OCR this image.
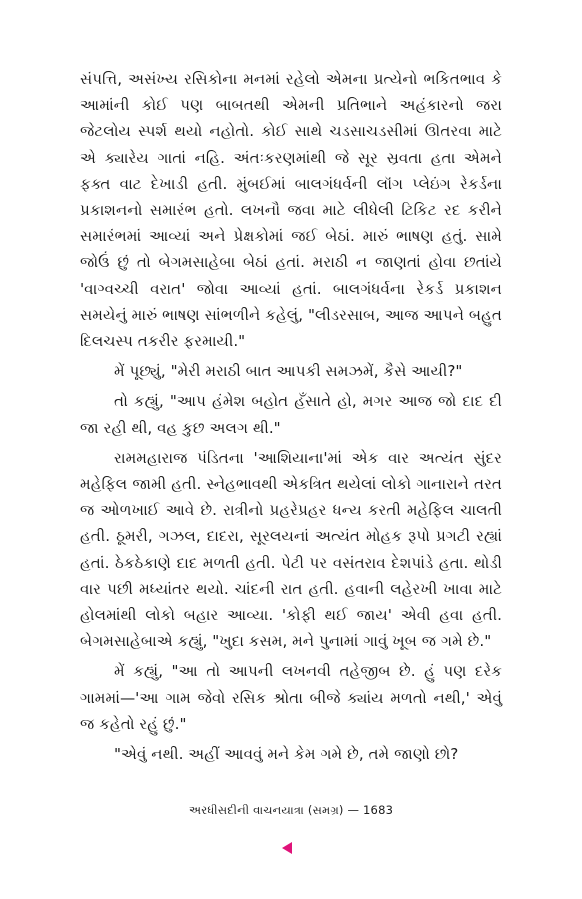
સંપત્તિ, અસંખ્ય રસિકોના મનમાં રહેલો એમના પ્રત્યેનો ભકિતભાવ કે આમાંની કોઈ પણ બાબતથી એમની પ્રતિભાને અહંકારનો જરા જેટલોય સ્પર્શ થયો નહોતો. કોઈ સાથે ચડસાચડસીમાં ઊતરવા માટે એ ક્યારેય ગાતાં નહિ. અંતઃકરણમાંથી જે સૂર સ્રવતા હતા એમને ફક્ત વાટ દેખાડી હતી. મુંબઈમાં બાલગંધર્વની લૉંગ પ્લેઇંગ રેકર્ડના પ્રકાશનનો સમારંભ હતો. લખનૌ જવા માટે લીધેલી ટિકિટ રદ કરીને સમારંભમાં આવ્યાં અને પ્રેક્ષકોમાં જઈ બેઠાં. મારું ભાષણ હતું. સામે જોઉં છું તો બેગમસાહેબા બેઠાં હતાં. મરાઠી ન જાણતાં હોવા છતાંયે 'વાગ્વચ્ચી વરાત' જોવા આવ્યાં હતાં. બાલગંધર્વના રેકર્ડ પ્રકાશન સમયેનું મારું ભાષણ સાંભળીને કહેલું, "લીડરસાબ, આજ આપને બહુત દિલચસ્પ તકરીર ફરમાયી."

મેં પૂછ્યું, "મેરી મરાઠી બાત આપકી સમઝમેં, કૈસે આયી?"

તો કહ્યું, "આપ હંમેશ બહોત હઁસાતે હો, મગર આજ જો દાદ દી જા રહી થી, વહ કુછ અલગ થી."

રામમહારાજ પંડિતના 'આશિયાના'માં એક વાર અત્યંત સુંદર મહેફિલ જામી હતી. સ્નેહભાવથી એકત્રિત થયેલાં લોકો ગાનારાને તરત જ ઓળખાઈ આવે છે. રાત્રીનો પ્રહરેપ્રહર ધન્ય કરતી મહેફિલ ચાલતી હતી. ઠૂમરી, ગઝલ, દાદરા, સૂરલયનાં અત્યંત મોહક રૂપો પ્રગટી રહ્યાં હતાં. ઠેકઠેકાણે દાદ મળતી હતી. પેટી પર વસંતરાવ દેશપાંડે હતા. થોડી વાર પછી મધ્યાંતર થયો. ચાંદની રાત હતી. હવાની લહેરખી ખાવા માટે હોલમાંથી લોકો બહાર આવ્યા. 'કોફી થઈ જાય' એવી હવા હતી. બેગમસાહેબાએ કહ્યું, "ખુદા કસમ, મને પુનામાં ગાવું ખૂબ જ ગમે છે."

મેં કહ્યું, "આ તો આપની લખનવી તહેજીબ છે. હું પણ દરેક ગામમાં—'આ ગામ જેવો રસિક શ્રોતા બીજે ક્યાંય મળતો નથી,' એવું જ કહેતો રહું છું."

"એવું નથી. અહીં આવવું મને કેમ ગમે છે, તમે જાણો છો?

અરધીસદીની વાચનયાત્રા (સમગ્ર) — 1683
